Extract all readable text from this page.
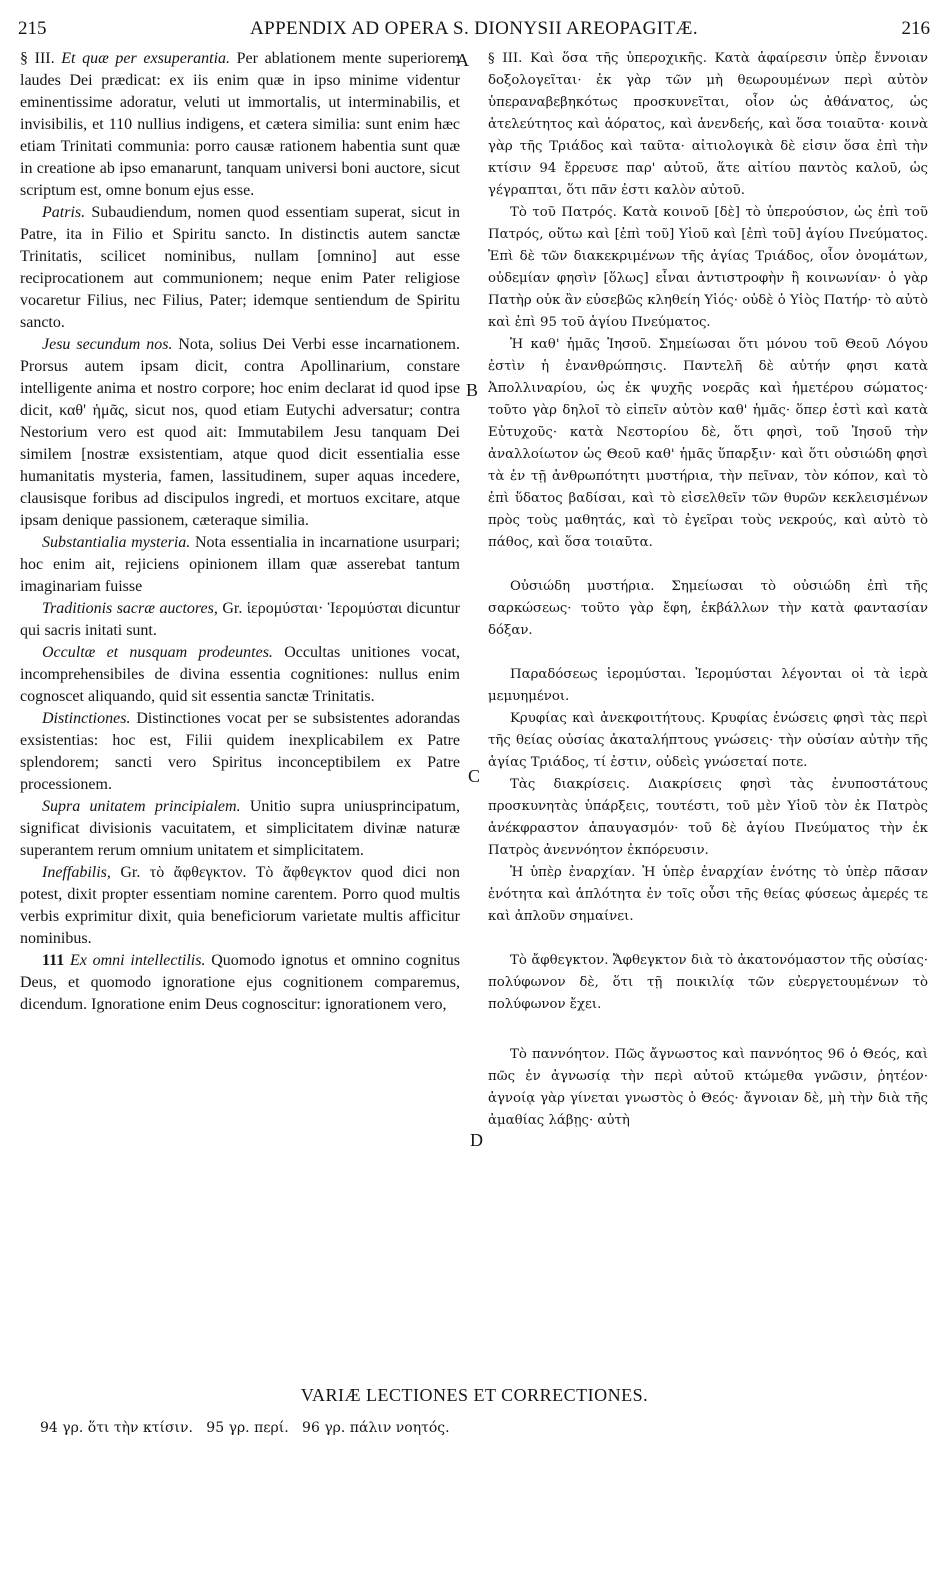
215	APPENDIX AD OPERA S. DIONYSII AREOPAGITÆ.	216
A
B
C
D

§ III. Et quæ per exsuperantia. Per ablationem mente superiorem laudes Dei prædicat: ex iis enim quæ in ipso minime videntur eminentissime adoratur, veluti ut immortalis, ut interminabilis, et invisibilis, et 110 nullius indigens, et cætera similia: sunt enim hæc etiam Trinitati communia: porro causæ rationem habentia sunt quæ in creatione ab ipso emanarunt, tanquam universi boni auctore, sicut scriptum est, omne bonum ejus esse.

Patris. Subaudiendum, nomen quod essentiam superat, sicut in Patre, ita in Filio et Spiritu sancto. In distinctis autem sanctæ Trinitatis, scilicet nominibus, nullam [omnino] aut esse reciprocationem aut communionem; neque enim Pater religiose vocaretur Filius, nec Filius, Pater; idemque sentiendum de Spiritu sancto.

Jesu secundum nos. Nota, solius Dei Verbi esse incarnationem. Prorsus autem ipsam dicit, contra Apollinarium, constare intelligente anima et nostro corpore; hoc enim declarat id quod ipse dicit, καθ' ἡμᾶς, sicut nos, quod etiam Eutychi adversatur; contra Nestorium vero est quod ait: Immutabilem Jesu tanquam Dei similem [nostræ exsistentiam, atque quod dicit essentialia esse humanitatis mysteria, famen, lassitudinem, super aquas incedere, clausisque foribus ad discipulos ingredi, et mortuos excitare, atque ipsam denique passionem, cæteraque similia.

Substantialia mysteria. Nota essentialia in incarnatione usurpari; hoc enim ait, rejiciens opinionem illam quæ asserebat tantum imaginariam fuisse

Traditionis sacræ auctores, Gr. ἱερομύσται· Ἱερομύσται dicuntur qui sacris initati sunt.

Occultæ et nusquam prodeuntes. Occultas unitiones vocat, incomprehensibiles de divina essentia cognitiones: nullus enim cognoscet aliquando, quid sit essentia sanctæ Trinitatis.

Distinctiones. Distinctiones vocat per se subsistentes adorandas exsistentias: hoc est, Filii quidem inexplicabilem ex Patre splendorem; sancti vero Spiritus inconceptibilem ex Patre processionem.

Supra unitatem principialem. Unitio supra uniusprincipatum, significat divisionis vacuitatem, et simplicitatem divinæ naturæ superantem rerum omnium unitatem et simplicitatem.

Ineffabilis, Gr. τὸ ἄφθεγκτον. Τὸ ἄφθεγκτον quod dici non potest, dixit propter essentiam nomine carentem. Porro quod multis verbis exprimitur dixit, quia beneficiorum varietate multis afficitur nominibus.

111 Ex omni intellectilis. Quomodo ignotus et omnino cognitus Deus, et quomodo ignoratione ejus cognitionem comparemus, dicendum. Ignoratione enim Deus cognoscitur: ignorationem vero,

§ III. Καὶ ὅσα τῆς ὑπεροχικῆς. Κατὰ ἀφαίρεσιν ὑπὲρ ἔννοιαν δοξολογεῖται· ἐκ γὰρ τῶν μὴ θεωρουμένων περὶ αὐτὸν ὑπεραναβεβηκότως προσκυνεῖται, οἷον ὡς ἀθάνατος, ὡς ἀτελεύτητος καὶ ἀόρατος, καὶ ἀνενδεής, καὶ ὅσα τοιαῦτα· κοινὰ γὰρ τῆς Τριάδος καὶ ταῦτα· αἰτιολογικὰ δὲ εἰσιν ὅσα ἐπὶ τὴν κτίσιν 94 ἔρρευσε παρ' αὐτοῦ, ἅτε αἰτίου παντὸς καλοῦ, ὡς γέγραπται, ὅτι πᾶν ἐστι καλὸν αὐτοῦ.

Τὸ τοῦ Πατρός. Κατὰ κοινοῦ [δὲ] τὸ ὑπερούσιον, ὡς ἐπὶ τοῦ Πατρός, οὕτω καὶ [ἐπὶ τοῦ] Υἱοῦ καὶ [ἐπὶ τοῦ] ἁγίου Πνεύματος. Ἐπὶ δὲ τῶν διακεκριμένων τῆς ἁγίας Τριάδος, οἷον ὀνομάτων, οὐδεμίαν φησὶν [ὅλως] εἶναι ἀντιστροφὴν ἢ κοινωνίαν· ὁ γὰρ Πατὴρ οὐκ ἂν εὐσεβῶς κληθείη Υἱός· οὐδὲ ὁ Υἱὸς Πατήρ· τὸ αὐτὸ καὶ ἐπὶ 95 τοῦ ἁγίου Πνεύματος.

Ἡ καθ' ἡμᾶς Ἰησοῦ. Σημείωσαι ὅτι μόνου τοῦ Θεοῦ Λόγου ἐστὶν ἡ ἐνανθρώπησις. Παντελῆ δὲ αὐτήν φησι κατὰ Ἀπολλιναρίου, ὡς ἐκ ψυχῆς νοερᾶς καὶ ἡμετέρου σώματος· τοῦτο γὰρ δηλοῖ τὸ εἰπεῖν αὐτὸν καθ' ἡμᾶς· ὅπερ ἐστὶ καὶ κατὰ Εὐτυχοῦς· κατὰ Νεστορίου δὲ, ὅτι φησὶ, τοῦ Ἰησοῦ τὴν ἀναλλοίωτον ὡς Θεοῦ καθ' ἡμᾶς ὕπαρξιν· καὶ ὅτι οὐσιώδη φησὶ τὰ ἐν τῇ ἀνθρωπότητι μυστήρια, τὴν πεῖναν, τὸν κόπον, καὶ τὸ ἐπὶ ὕδατος βαδίσαι, καὶ τὸ εἰσελθεῖν τῶν θυρῶν κεκλεισμένων πρὸς τοὺς μαθητάς, καὶ τὸ ἐγεῖραι τοὺς νεκρούς, καὶ αὐτὸ τὸ πάθος, καὶ ὅσα τοιαῦτα.

Οὐσιώδη μυστήρια. Σημείωσαι τὸ οὐσιώδη ἐπὶ τῆς σαρκώσεως· τοῦτο γὰρ ἔφη, ἐκβάλλων τὴν κατὰ φαντασίαν δόξαν.

Παραδόσεως ἱερομύσται. Ἱερομύσται λέγονται οἱ τὰ ἱερὰ μεμυημένοι.

Κρυφίας καὶ ἀνεκφοιτήτους. Κρυφίας ἑνώσεις φησὶ τὰς περὶ τῆς θείας οὐσίας ἀκαταλήπτους γνώσεις· τὴν οὐσίαν αὐτὴν τῆς ἁγίας Τριάδος, τί ἐστιν, οὐδεὶς γνώσεταί ποτε.

Τὰς διακρίσεις. Διακρίσεις φησὶ τὰς ἐνυποστάτους προσκυνητὰς ὑπάρξεις, τουτέστι, τοῦ μὲν Υἱοῦ τὸν ἐκ Πατρὸς ἀνέκφραστον ἀπαυγασμόν· τοῦ δὲ ἁγίου Πνεύματος τὴν ἐκ Πατρὸς ἀνεννόητον ἐκπόρευσιν.

Ἡ ὑπὲρ ἐναρχίαν. Ἡ ὑπὲρ ἐναρχίαν ἑνότης τὸ ὑπὲρ πᾶσαν ἑνότητα καὶ ἁπλότητα ἐν τοῖς οὖσι τῆς θείας φύσεως ἀμερές τε καὶ ἁπλοῦν σημαίνει.

Τὸ ἄφθεγκτον. Ἄφθεγκτον διὰ τὸ ἀκατονόμαστον τῆς οὐσίας· πολύφωνον δὲ, ὅτι τῇ ποικιλίᾳ τῶν εὐεργετουμένων τὸ πολύφωνον ἔχει.

Τὸ παννόητον. Πῶς ἄγνωστος καὶ παννόητος 96 ὁ Θεός, καὶ πῶς ἐν ἀγνωσίᾳ τὴν περὶ αὐτοῦ κτώμεθα γνῶσιν, ῥητέον· ἀγνοίᾳ γὰρ γίνεται γνωστὸς ὁ Θεός· ἄγνοιαν δὲ, μὴ τὴν διὰ τῆς ἀμαθίας λάβῃς· αὐτὴ

VARIÆ LECTIONES ET CORRECTIONES.
94 γρ. ὅτι τὴν κτίσιν.   95 γρ. περί.   96 γρ. πάλιν νοητός.
